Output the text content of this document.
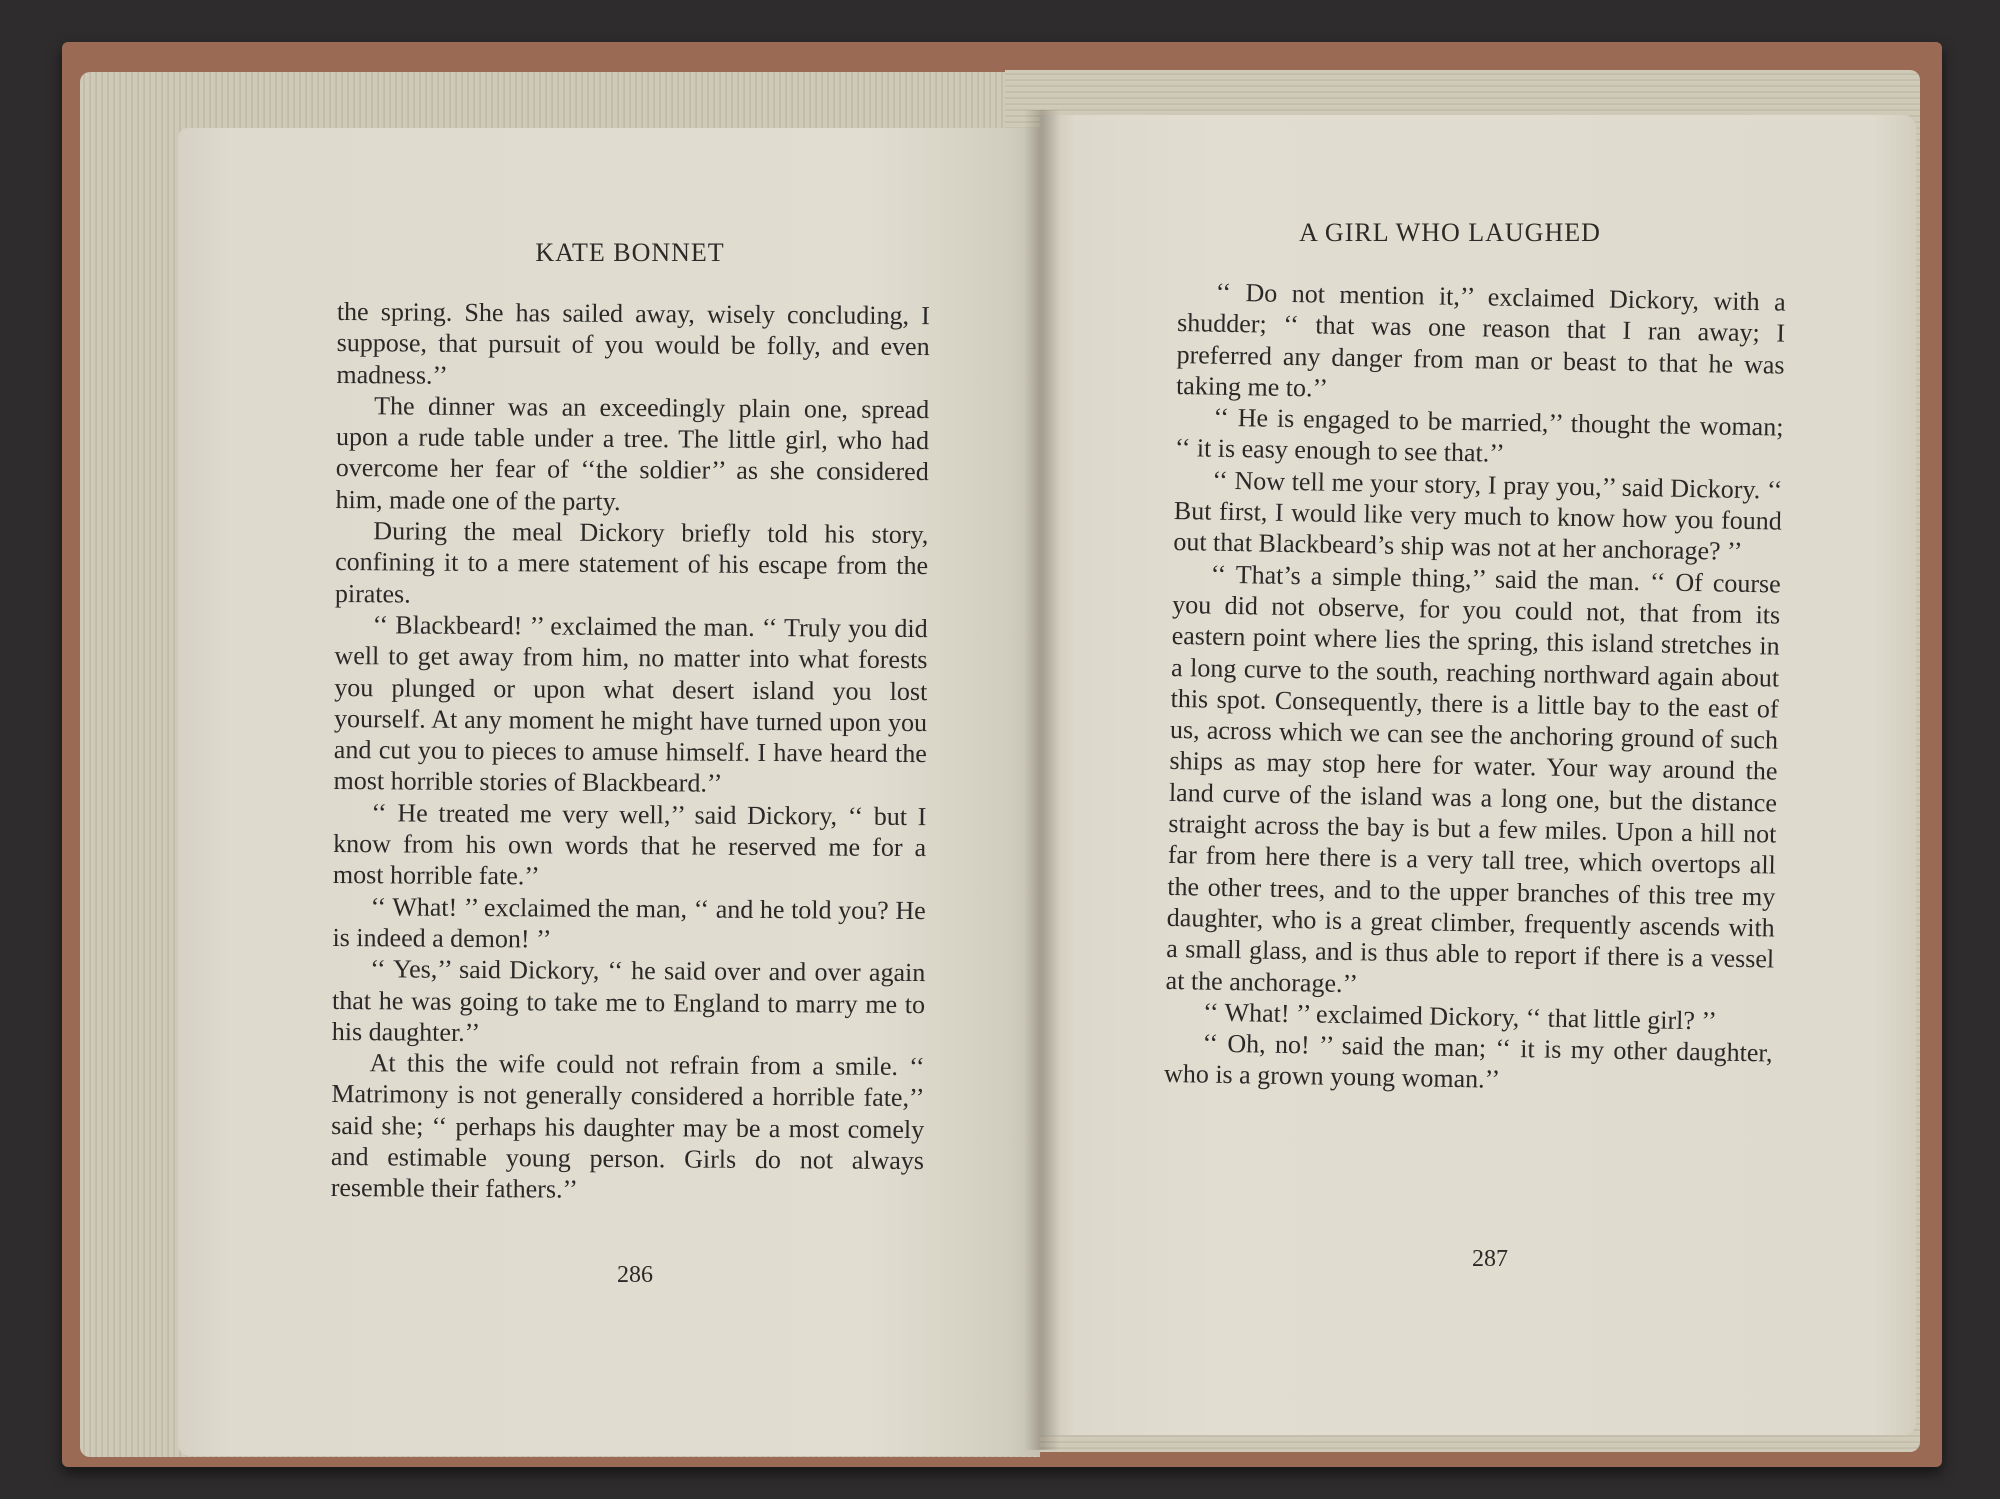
KATE BONNET

the spring. She has sailed away, wisely concluding, I suppose, that pursuit of you would be folly, and even madness.’’

The dinner was an exceedingly plain one, spread upon a rude table under a tree. The little girl, who had overcome her fear of ‘‘the soldier’’ as she considered him, made one of the party.

During the meal Dickory briefly told his story, confining it to a mere statement of his escape from the pirates.

‘‘ Blackbeard! ’’ exclaimed the man. ‘‘ Truly you did well to get away from him, no matter into what forests you plunged or upon what desert island you lost yourself. At any moment he might have turned upon you and cut you to pieces to amuse himself. I have heard the most horrible stories of Blackbeard.’’

‘‘ He treated me very well,’’ said Dickory, ‘‘ but I know from his own words that he reserved me for a most horrible fate.’’

‘‘ What! ’’ exclaimed the man, ‘‘ and he told you? He is indeed a demon! ’’

‘‘ Yes,’’ said Dickory, ‘‘ he said over and over again that he was going to take me to England to marry me to his daughter.’’

At this the wife could not refrain from a smile. ‘‘ Matrimony is not generally considered a horrible fate,’’ said she; ‘‘ perhaps his daughter may be a most comely and estimable young person. Girls do not always resemble their fathers.’’

286
A GIRL WHO LAUGHED

‘‘ Do not mention it,’’ exclaimed Dickory, with a shudder; ‘‘ that was one reason that I ran away; I preferred any danger from man or beast to that he was taking me to.’’

‘‘ He is engaged to be married,’’ thought the woman; ‘‘ it is easy enough to see that.’’

‘‘ Now tell me your story, I pray you,’’ said Dickory. ‘‘ But first, I would like very much to know how you found out that Blackbeard’s ship was not at her anchorage? ’’

‘‘ That’s a simple thing,’’ said the man. ‘‘ Of course you did not observe, for you could not, that from its eastern point where lies the spring, this island stretches in a long curve to the south, reaching northward again about this spot. Consequently, there is a little bay to the east of us, across which we can see the anchoring ground of such ships as may stop here for water. Your way around the land curve of the island was a long one, but the distance straight across the bay is but a few miles. Upon a hill not far from here there is a very tall tree, which overtops all the other trees, and to the upper branches of this tree my daughter, who is a great climber, frequently ascends with a small glass, and is thus able to report if there is a vessel at the anchorage.’’

‘‘ What! ’’ exclaimed Dickory, ‘‘ that little girl? ’’

‘‘ Oh, no! ’’ said the man; ‘‘ it is my other daughter, who is a grown young woman.’’

287
